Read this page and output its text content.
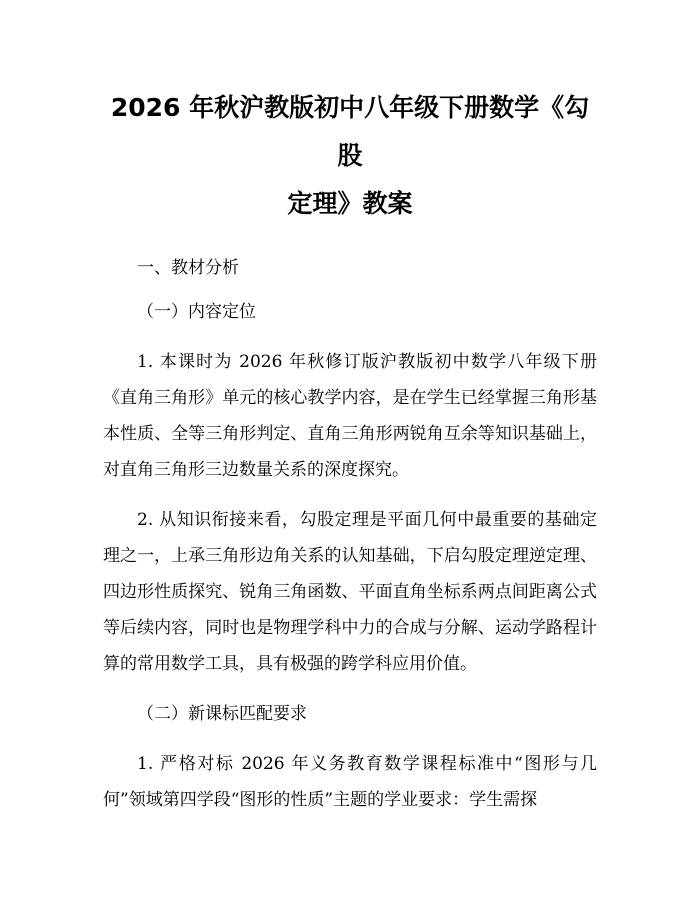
2026 年秋沪教版初中八年级下册数学《勾股
定理》教案

一、教材分析

（一）内容定位

1. 本课时为 2026 年秋修订版沪教版初中数学八年级下册《直角三角形》单元的核心教学内容，是在学生已经掌握三角形基本性质、全等三角形判定、直角三角形两锐角互余等知识基础上，对直角三角形三边数量关系的深度探究。

2. 从知识衔接来看，勾股定理是平面几何中最重要的基础定理之一，上承三角形边角关系的认知基础，下启勾股定理逆定理、四边形性质探究、锐角三角函数、平面直角坐标系两点间距离公式等后续内容，同时也是物理学科中力的合成与分解、运动学路程计算的常用数学工具，具有极强的跨学科应用价值。

（二）新课标匹配要求

1. 严格对标 2026 年义务教育数学课程标准中“图形与几何”领域第四学段“图形的性质”主题的学业要求：学生需探
